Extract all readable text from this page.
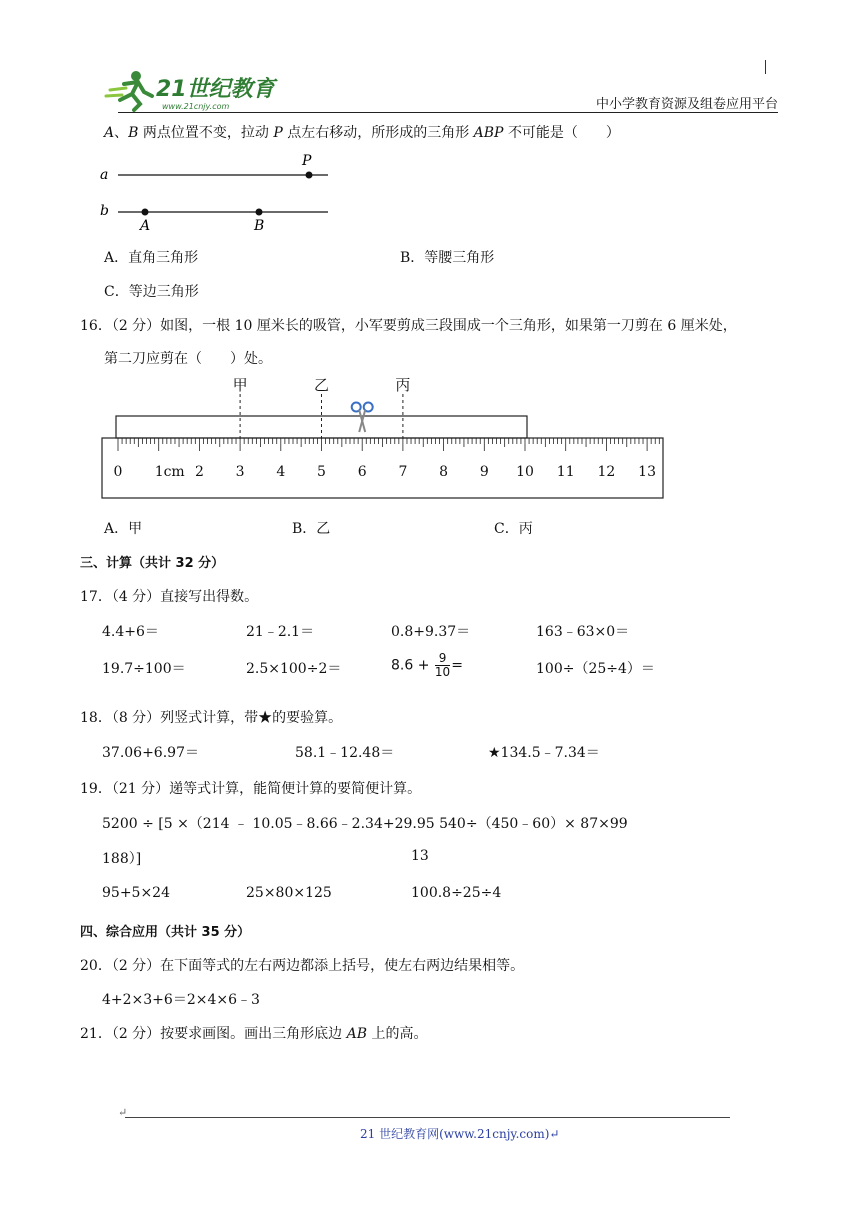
21世纪教育
www.21cnjy.com	中小学教育资源及组卷应用平台
A、B 两点位置不变，拉动 P 点左右移动，所形成的三角形 ABP 不可能是（　　）
a
P
b
A	B
A．直角三角形	B．等腰三角形
C．等边三角形
16．（2 分）如图，一根 10 厘米长的吸管，小军要剪成三段围成一个三角形，如果第一刀剪在 6 厘米处，
第二刀应剪在（　　）处。
0 1cm 2 3 4 5 6 7 8 9 10 11 12 13
甲	乙	丙
A．甲	B．乙	C．丙
三、计算（共计 32 分）
17．（4 分）直接写出得数。
4.4+6＝	21﹣2.1＝	0.8+9.37＝	163﹣63×0＝
19.7÷100＝	2.5×100÷2＝	$8.6 + \frac{9}{10}$ =	100÷（25÷4）＝
18．（8 分）列竖式计算，带★的要验算。
37.06+6.97＝	58.1﹣12.48＝	★134.5﹣7.34＝
19．（21 分）递等式计算，能简便计算的要简便计算。
5200 ÷ [5 ×（214 ﹣ 10.05﹣8.66﹣2.34+29.95 540÷（450﹣60）× 87×99
188）]	13
95+5×24	25×80×125	100.8÷25÷4
四、综合应用（共计 35 分）
20．（2 分）在下面等式的左右两边都添上括号，使左右两边结果相等。
4+2×3+6＝2×4×6﹣3
21．（2 分）按要求画图。画出三角形底边 AB 上的高。
↵
21 世纪教育网(www.21cnjy.com)↵
